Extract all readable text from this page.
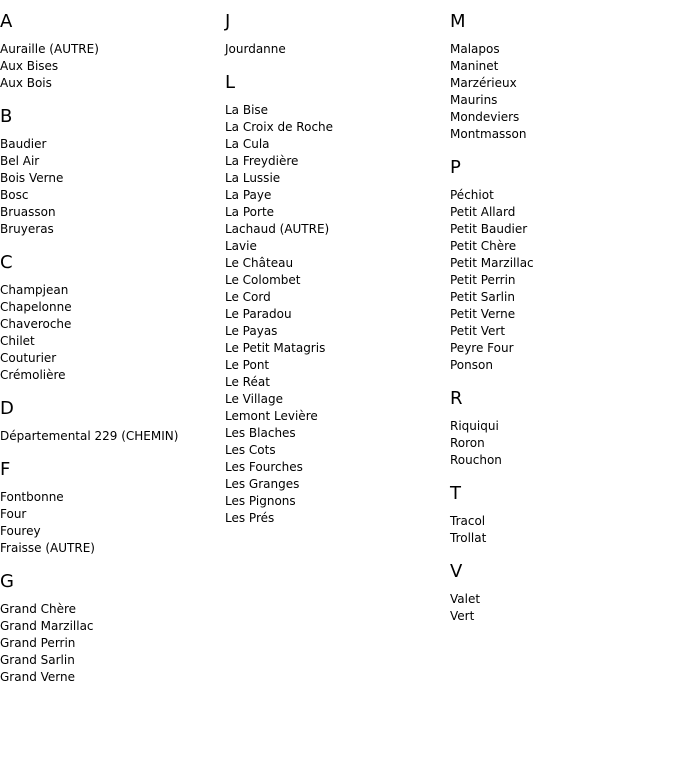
A
Auraille (AUTRE)
Aux Bises
Aux Bois
B
Baudier
Bel Air
Bois Verne
Bosc
Bruasson
Bruyeras
C
Champjean
Chapelonne
Chaveroche
Chilet
Couturier
Crémolière
D
Départemental 229 (CHEMIN)
F
Fontbonne
Four
Fourey
Fraisse (AUTRE)
G
Grand Chère
Grand Marzillac
Grand Perrin
Grand Sarlin
Grand Verne
J
Jourdanne
L
La Bise
La Croix de Roche
La Cula
La Freydière
La Lussie
La Paye
La Porte
Lachaud (AUTRE)
Lavie
Le Château
Le Colombet
Le Cord
Le Paradou
Le Payas
Le Petit Matagris
Le Pont
Le Réat
Le Village
Lemont Levière
Les Blaches
Les Cots
Les Fourches
Les Granges
Les Pignons
Les Prés
M
Malapos
Maninet
Marzérieux
Maurins
Mondeviers
Montmasson
P
Péchiot
Petit Allard
Petit Baudier
Petit Chère
Petit Marzillac
Petit Perrin
Petit Sarlin
Petit Verne
Petit Vert
Peyre Four
Ponson
R
Riquiqui
Roron
Rouchon
T
Tracol
Trollat
V
Valet
Vert
